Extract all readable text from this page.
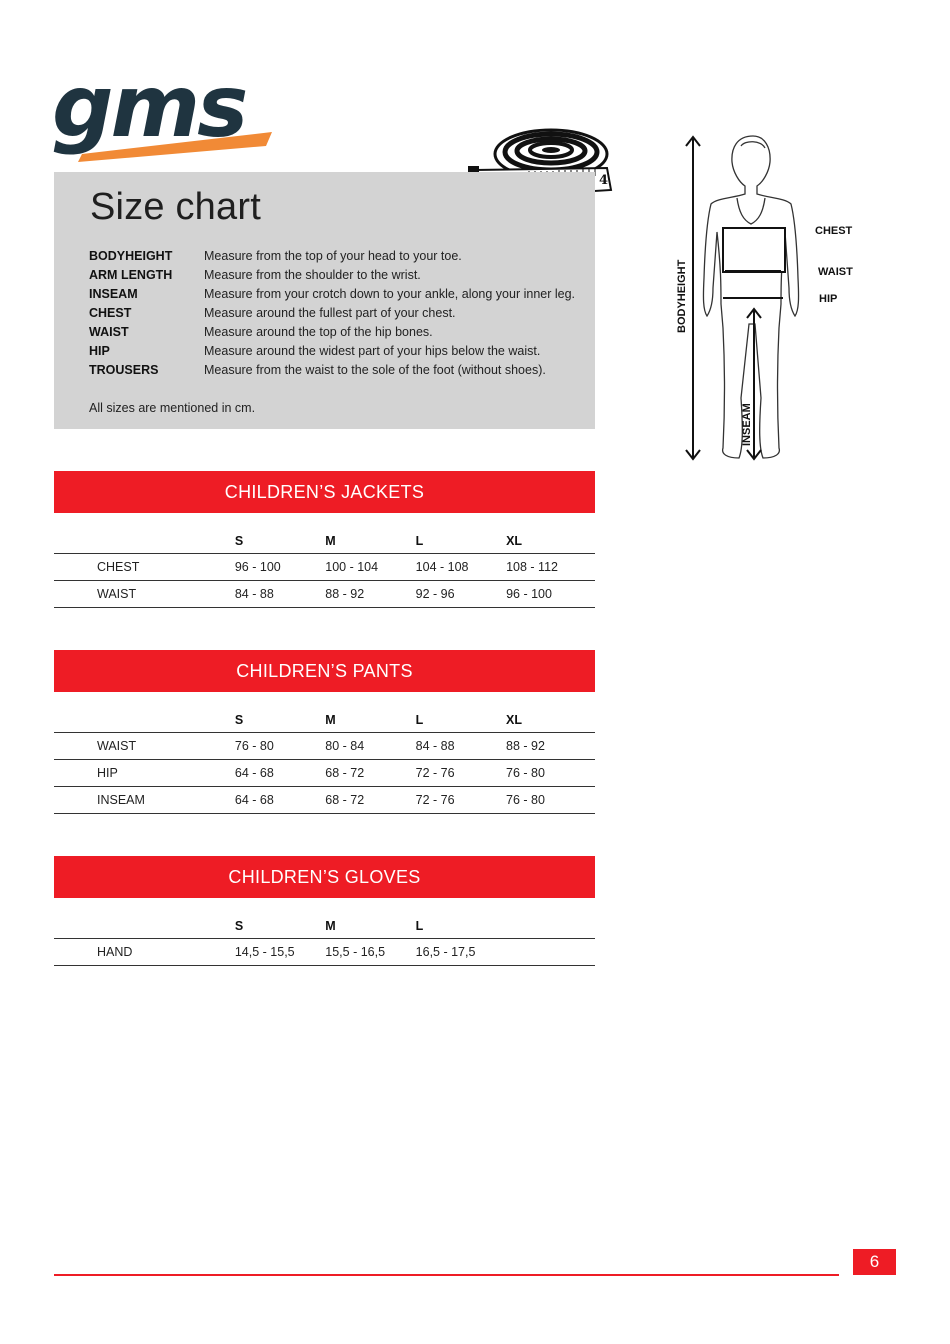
gms
4
Size chart
BODYHEIGHT	Measure from the top of your head to your toe.
ARM LENGTH	Measure from the shoulder to the wrist.
INSEAM	Measure from your crotch down to your ankle, along your inner leg.
CHEST	Measure around the fullest part of your chest.
WAIST	Measure around the top of the hip bones.
HIP	Measure around the widest part of your hips below the waist.
TROUSERS	Measure from the waist to the sole of the foot (without shoes).
All sizes are mentioned in cm.
BODYHEIGHT
CHEST
WAIST
HIP
INSEAM
CHILDREN’S JACKETS
	S	M	L	XL
CHEST	96 - 100	100 - 104	104 - 108	108 - 112
WAIST	84 - 88	88 - 92	92 - 96	96 - 100
CHILDREN’S PANTS
	S	M	L	XL
WAIST	76 - 80	80 - 84	84 - 88	88 - 92
HIP	64 - 68	68 - 72	72 - 76	76 - 80
INSEAM	64 - 68	68 - 72	72 - 76	76 - 80
CHILDREN’S GLOVES
	S	M	L	
HAND	14,5 - 15,5	15,5 - 16,5	16,5 - 17,5	
6
